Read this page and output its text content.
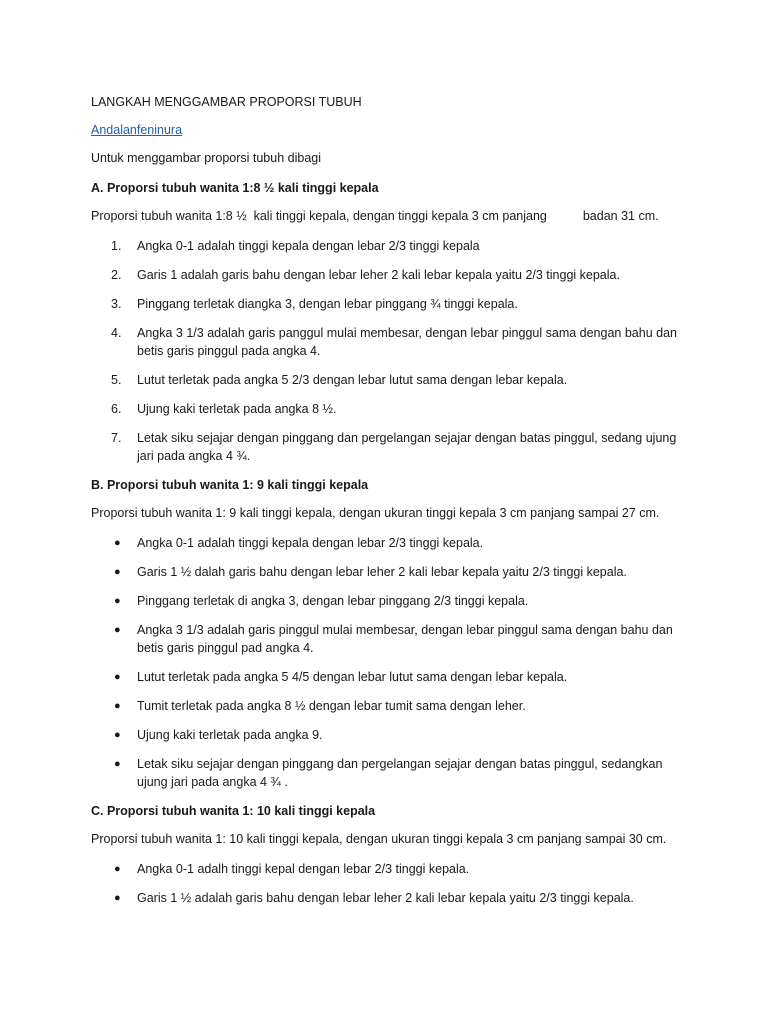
LANGKAH MENGGAMBAR PROPORSI TUBUH

Andalanfeninura

Untuk menggambar proporsi tubuh dibagi

A. Proporsi tubuh wanita 1:8 ½ kali tinggi kepala

Proporsi tubuh wanita 1:8 ½  kali tinggi kepala, dengan tinggi kepala 3 cm panjang	badan 31 cm.

1. Angka 0-1 adalah tinggi kepala dengan lebar 2/3 tinggi kepala
2. Garis 1 adalah garis bahu dengan lebar leher 2 kali lebar kepala yaitu 2/3 tinggi kepala.
3. Pinggang terletak diangka 3, dengan lebar pinggang ¾ tinggi kepala.
4. Angka 3 1/3 adalah garis panggul mulai membesar, dengan lebar pinggul sama dengan bahu dan betis garis pinggul pada angka 4.
5. Lutut terletak pada angka 5 2/3 dengan lebar lutut sama dengan lebar kepala.
6. Ujung kaki terletak pada angka 8 ½.
7. Letak siku sejajar dengan pinggang dan pergelangan sejajar dengan batas pinggul, sedang ujung jari pada angka 4 ¾.

B. Proporsi tubuh wanita 1: 9 kali tinggi kepala

Proporsi tubuh wanita 1: 9 kali tinggi kepala, dengan ukuran tinggi kepala 3 cm panjang sampai 27 cm.

● Angka 0-1 adalah tinggi kepala dengan lebar 2/3 tinggi kepala.
● Garis 1 ½ dalah garis bahu dengan lebar leher 2 kali lebar kepala yaitu 2/3 tinggi kepala.
● Pinggang terletak di angka 3, dengan lebar pinggang 2/3 tinggi kepala.
● Angka 3 1/3 adalah garis pinggul mulai membesar, dengan lebar pinggul sama dengan bahu dan betis garis pinggul pad angka 4.
● Lutut terletak pada angka 5 4/5 dengan lebar lutut sama dengan lebar kepala.
● Tumit terletak pada angka 8 ½ dengan lebar tumit sama dengan leher.
● Ujung kaki terletak pada angka 9.
● Letak siku sejajar dengan pinggang dan pergelangan sejajar dengan batas pinggul, sedangkan ujung jari pada angka 4 ¾ .

C. Proporsi tubuh wanita 1: 10 kali tinggi kepala

Proporsi tubuh wanita 1: 10 kali tinggi kepala, dengan ukuran tinggi kepala 3 cm panjang sampai 30 cm.

● Angka 0-1 adalh tinggi kepal dengan lebar 2/3 tinggi kepala.
● Garis 1 ½ adalah garis bahu dengan lebar leher 2 kali lebar kepala yaitu 2/3 tinggi kepala.
